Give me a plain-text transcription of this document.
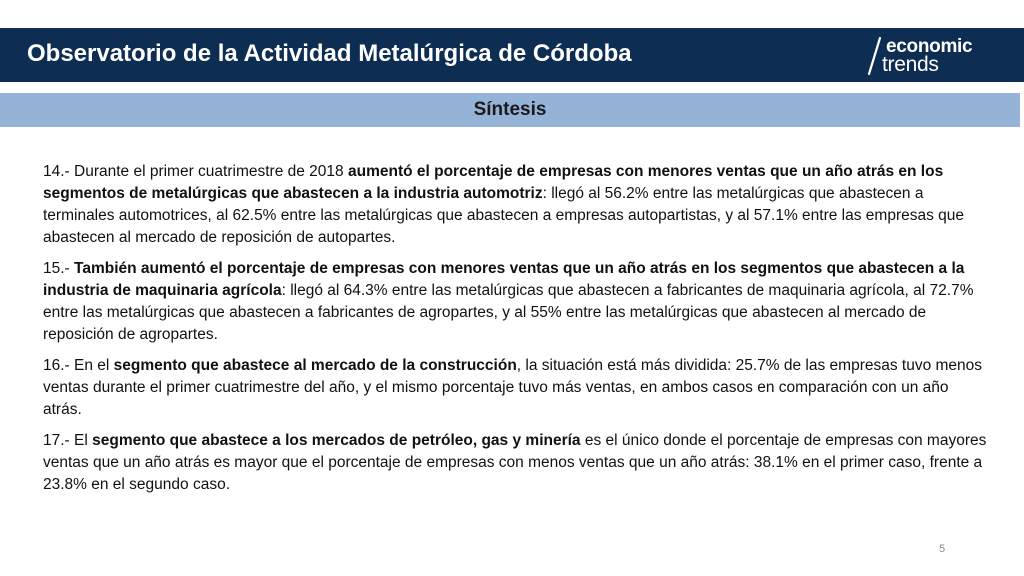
Observatorio de la Actividad Metalúrgica de Córdoba	economic
trends
Síntesis

14.- Durante el primer cuatrimestre de 2018 aumentó el porcentaje de empresas con menores ventas que un año atrás en los segmentos de metalúrgicas que abastecen a la industria automotriz: llegó al 56.2% entre las metalúrgicas que abastecen a terminales automotrices, al 62.5% entre las metalúrgicas que abastecen a empresas autopartistas, y al 57.1% entre las empresas que abastecen al mercado de reposición de autopartes.

15.- También aumentó el porcentaje de empresas con menores ventas que un año atrás en los segmentos que abastecen a la industria de maquinaria agrícola: llegó al 64.3% entre las metalúrgicas que abastecen a fabricantes de maquinaria agrícola, al 72.7% entre las metalúrgicas que abastecen a fabricantes de agropartes, y al 55% entre las metalúrgicas que abastecen al mercado de reposición de agropartes.

16.- En el segmento que abastece al mercado de la construcción, la situación está más dividida: 25.7% de las empresas tuvo menos ventas durante el primer cuatrimestre del año, y el mismo porcentaje tuvo más ventas, en ambos casos en comparación con un año atrás.

17.- El segmento que abastece a los mercados de petróleo, gas y minería es el único donde el porcentaje de empresas con mayores ventas que un año atrás es mayor que el porcentaje de empresas con menos ventas que un año atrás: 38.1% en el primer caso, frente a 23.8% en el segundo caso.

5
